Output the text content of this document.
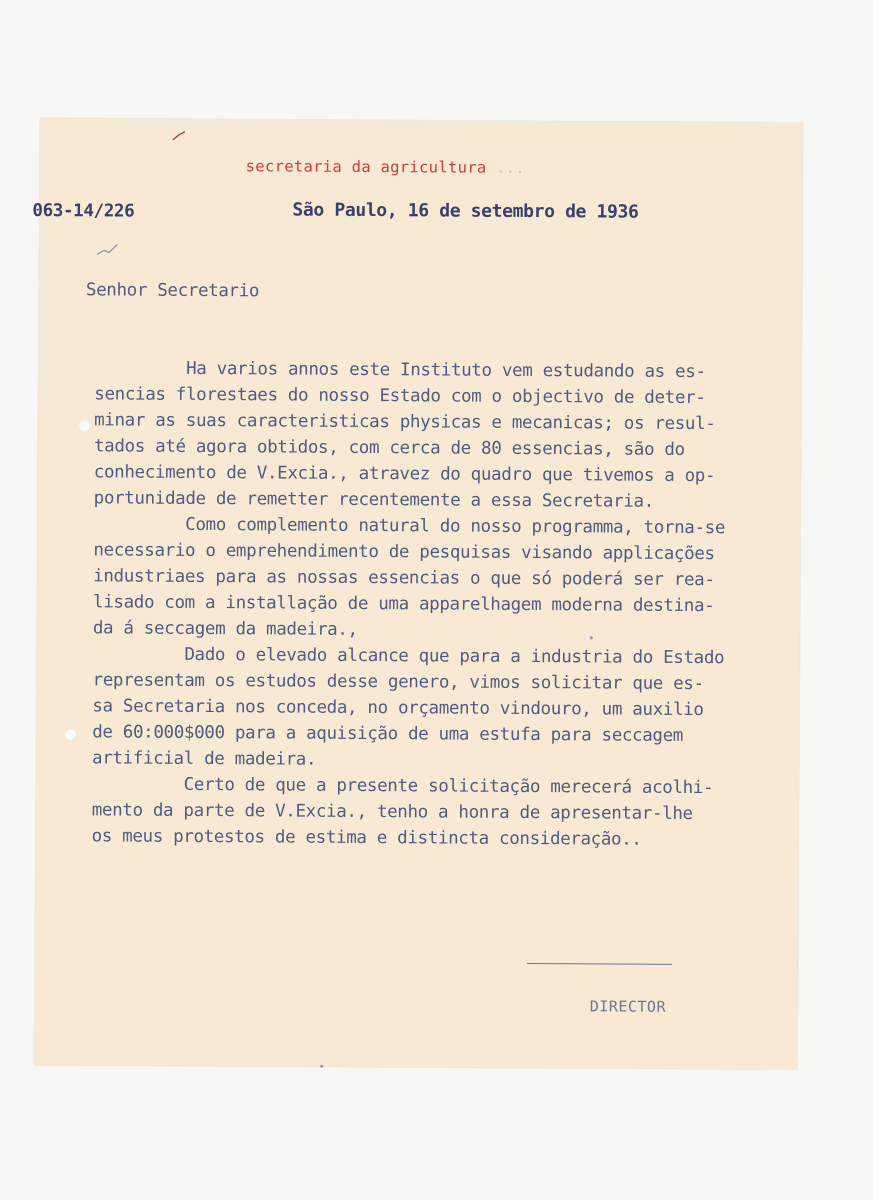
secretaria da agricultura ...
063-14/226	São Paulo, 16 de setembro de 1936
Senhor Secretario
Ha varios annos este Instituto vem estudando as es-
sencias florestaes do nosso Estado com o objectivo de deter-
minar as suas caracteristicas physicas e mecanicas; os resul-
tados até agora obtidos, com cerca de 80 essencias, são do
conhecimento de V.Excia., atravez do quadro que tivemos a op-
portunidade de remetter recentemente a essa Secretaria.
Como complemento natural do nosso programma, torna-se
necessario o emprehendimento de pesquisas visando applicações
industriaes para as nossas essencias o que só poderá ser rea-
lisado com a installação de uma apparelhagem moderna destina-
da á seccagem da madeira.,
Dado o elevado alcance que para a industria do Estado
representam os estudos desse genero, vimos solicitar que es-
sa Secretaria nos conceda, no orçamento vindouro, um auxilio
de 60:000$000 para a aquisição de uma estufa para seccagem
artificial de madeira.
Certo de que a presente solicitação merecerá acolhi-
mento da parte de V.Excia., tenho a honra de apresentar-lhe
os meus protestos de estima e distincta consideração..

DIRECTOR
